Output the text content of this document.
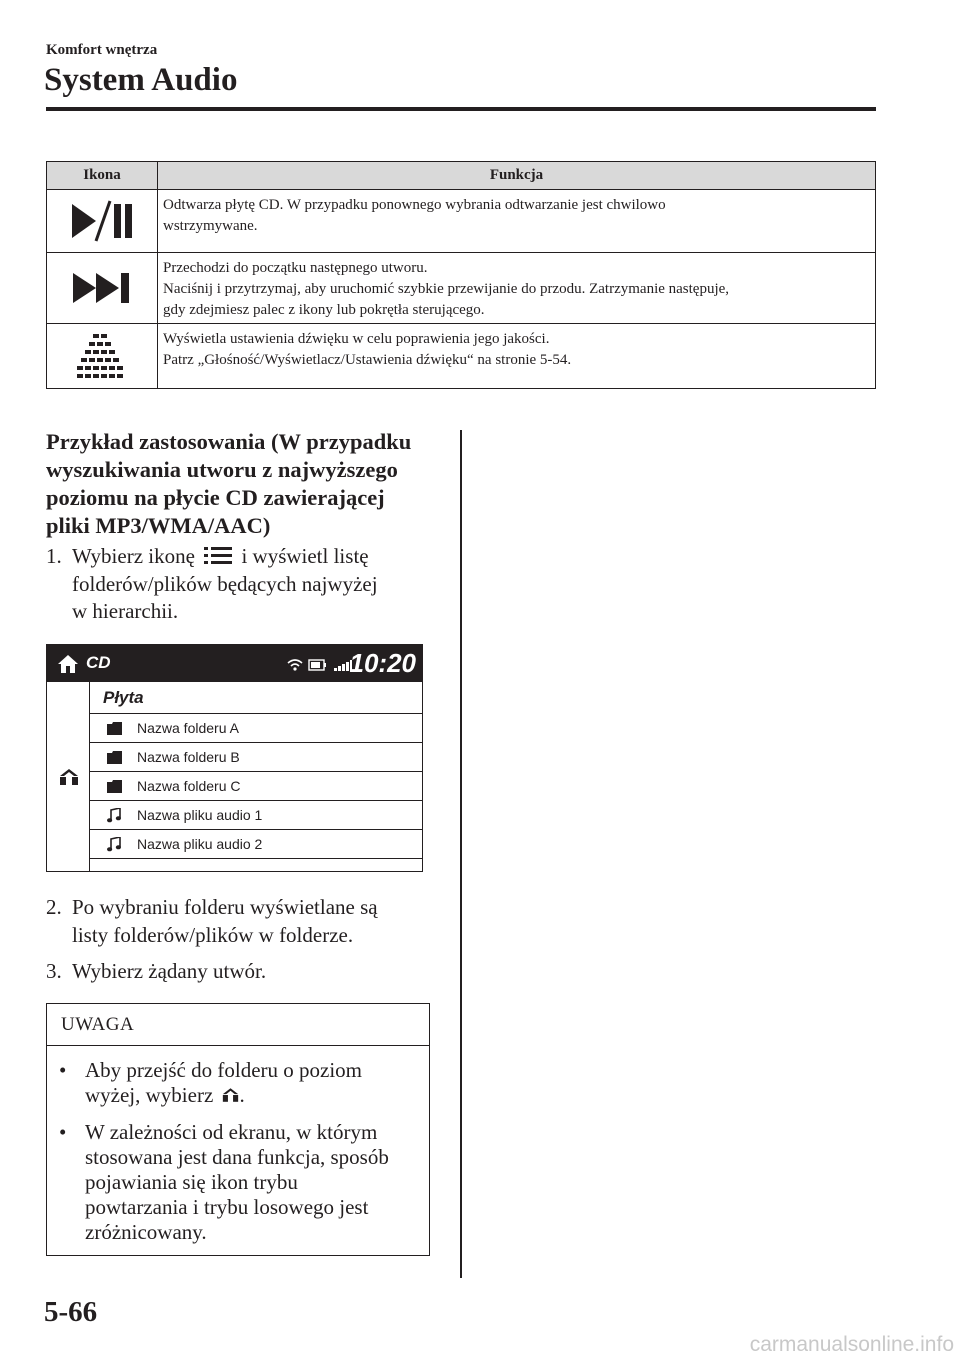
Komfort wnętrza
System Audio
Ikona	Funkcja
Odtwarza płytę CD. W przypadku ponownego wybrania odtwarzanie jest chwilowo
wstrzymywane.
Przechodzi do początku następnego utworu.
Naciśnij i przytrzymaj, aby uruchomić szybkie przewijanie do przodu. Zatrzymanie następuje,
gdy zdejmiesz palec z ikony lub pokrętła sterującego.
Wyświetla ustawienia dźwięku w celu poprawienia jego jakości.
Patrz „Głośność/Wyświetlacz/Ustawienia dźwięku“ na stronie 5-54.
Przykład zastosowania (W przypadku
wyszukiwania utworu z najwyższego
poziomu na płycie CD zawierającej
pliki MP3/WMA/AAC)
1. Wybierz ikonę i wyświetl listę
folderów/plików będących najwyżej
w hierarchii.
CD	10:20
Płyta
Nazwa folderu A
Nazwa folderu B
Nazwa folderu C
Nazwa pliku audio 1
Nazwa pliku audio 2
2. Po wybraniu folderu wyświetlane są
listy folderów/plików w folderze.
3. Wybierz żądany utwór.
UWAGA
• Aby przejść do folderu o poziom
wyżej, wybierz .
• W zależności od ekranu, w którym
stosowana jest dana funkcja, sposób
pojawiania się ikon trybu
powtarzania i trybu losowego jest
zróżnicowany.
5-66
carmanualsonline.info
